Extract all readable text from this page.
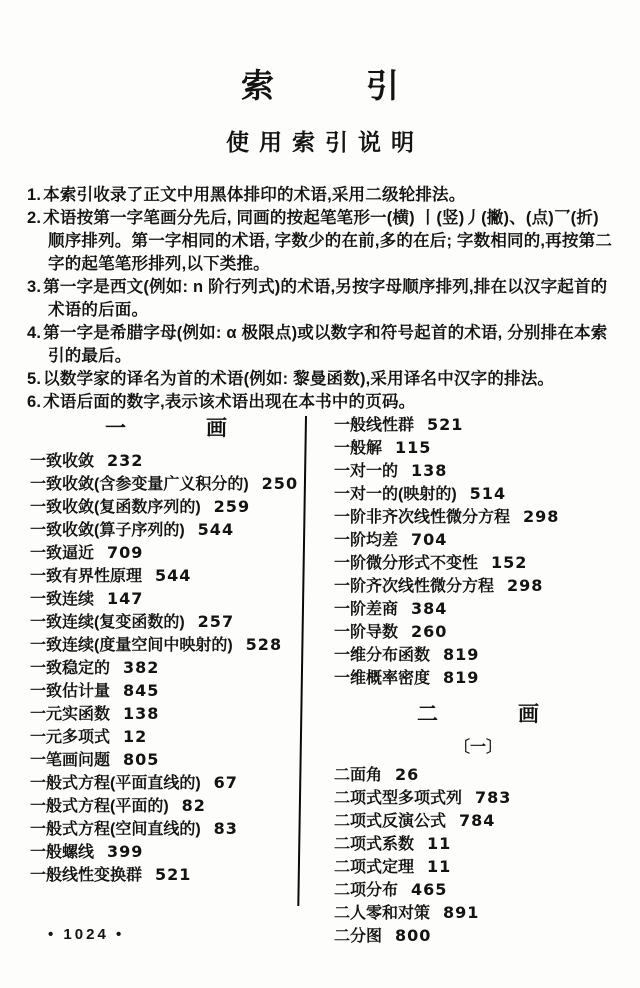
索	引
使用索引说明
1. 本索引收录了正文中用黑体排印的术语,采用二级轮排法。
2. 术语按第一字笔画分先后, 同画的按起笔笔形一(横) 丨(竖)丿(撇)、(点)乛(折)顺序排列。第一字相同的术语, 字数少的在前,多的在后; 字数相同的,再按第二字的起笔笔形排列,以下类推。
3. 第一字是西文(例如: n 阶行列式)的术语,另按字母顺序排列,排在以汉字起首的术语的后面。
4. 第一字是希腊字母(例如: α 极限点)或以数字和符号起首的术语, 分别排在本索引的最后。
5. 以数学家的译名为首的术语(例如: 黎曼函数),采用译名中汉字的排法。
6. 术语后面的数字,表示该术语出现在本书中的页码。
一	画
一致收敛 232
一致收敛(含参变量广义积分的) 250
一致收敛(复函数序列的) 259
一致收敛(算子序列的) 544
一致逼近 709
一致有界性原理 544
一致连续 147
一致连续(复变函数的) 257
一致连续(度量空间中映射的) 528
一致稳定的 382
一致估计量 845
一元实函数 138
一元多项式 12
一笔画问题 805
一般式方程(平面直线的) 67
一般式方程(平面的) 82
一般式方程(空间直线的) 83
一般螺线 399
一般线性变换群 521
一般线性群 521
一般解 115
一对一的 138
一对一的(映射的) 514
一阶非齐次线性微分方程 298
一阶均差 704
一阶微分形式不变性 152
一阶齐次线性微分方程 298
一阶差商 384
一阶导数 260
一维分布函数 819
一维概率密度 819
二	画
〔一〕
二面角 26
二项式型多项式列 783
二项式反演公式 784
二项式系数 11
二项式定理 11
二项分布 465
二人零和对策 891
二分图 800
• 1024 •
